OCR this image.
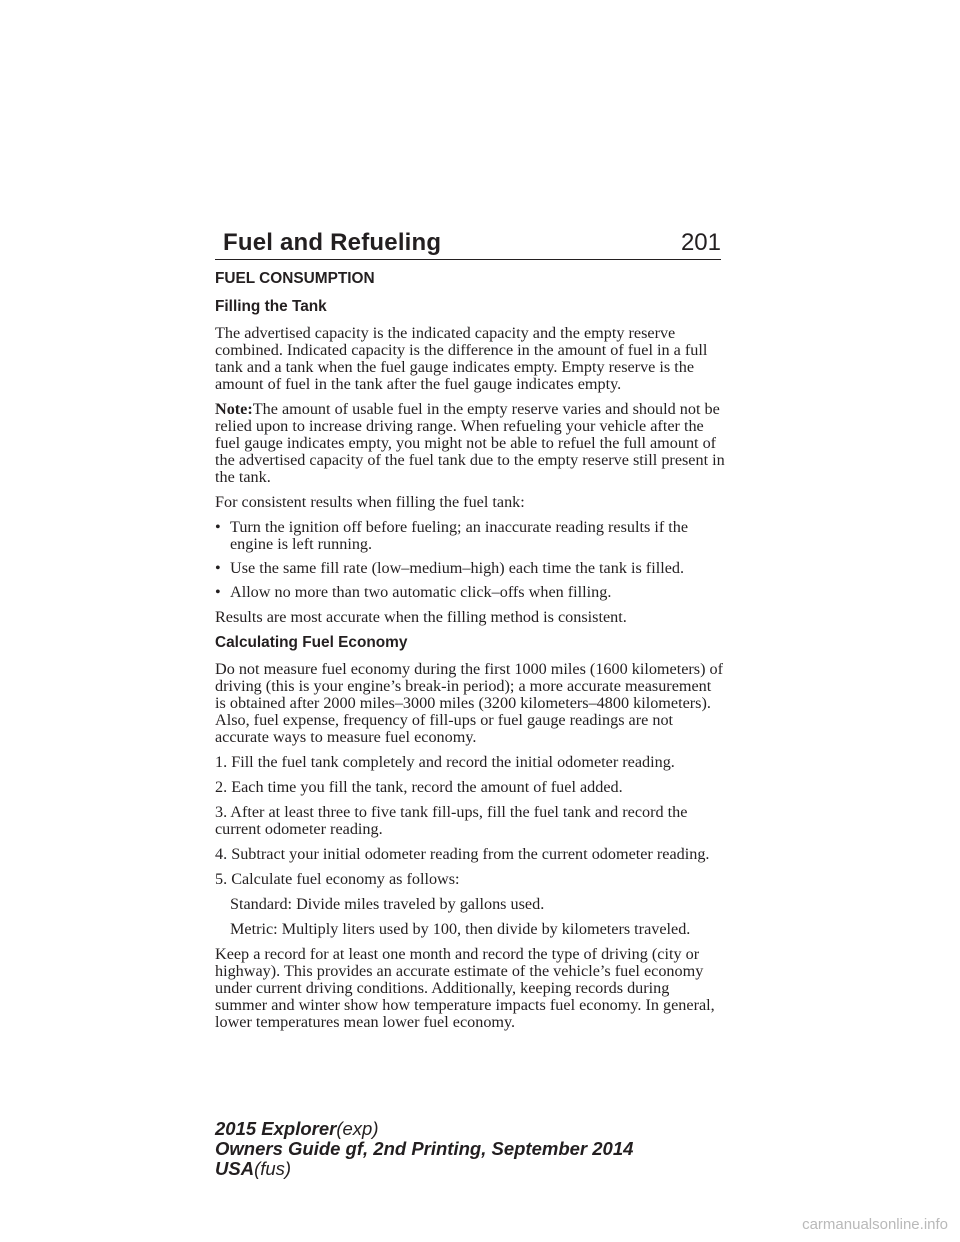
Fuel and Refueling	201
FUEL CONSUMPTION
Filling the Tank

The advertised capacity is the indicated capacity and the empty reserve combined. Indicated capacity is the difference in the amount of fuel in a full tank and a tank when the fuel gauge indicates empty. Empty reserve is the amount of fuel in the tank after the fuel gauge indicates empty.

Note:The amount of usable fuel in the empty reserve varies and should not be relied upon to increase driving range. When refueling your vehicle after the fuel gauge indicates empty, you might not be able to refuel the full amount of the advertised capacity of the fuel tank due to the empty reserve still present in the tank.

For consistent results when filling the fuel tank:

• Turn the ignition off before fueling; an inaccurate reading results if the engine is left running.
• Use the same fill rate (low–medium–high) each time the tank is filled.
• Allow no more than two automatic click–offs when filling.

Results are most accurate when the filling method is consistent.

Calculating Fuel Economy

Do not measure fuel economy during the first 1000 miles (1600 kilometers) of driving (this is your engine’s break-in period); a more accurate measurement is obtained after 2000 miles–3000 miles (3200 kilometers–4800 kilometers). Also, fuel expense, frequency of fill-ups or fuel gauge readings are not accurate ways to measure fuel economy.

1. Fill the fuel tank completely and record the initial odometer reading.

2. Each time you fill the tank, record the amount of fuel added.

3. After at least three to five tank fill-ups, fill the fuel tank and record the current odometer reading.

4. Subtract your initial odometer reading from the current odometer reading.

5. Calculate fuel economy as follows:

Standard: Divide miles traveled by gallons used.

Metric: Multiply liters used by 100, then divide by kilometers traveled.

Keep a record for at least one month and record the type of driving (city or highway). This provides an accurate estimate of the vehicle’s fuel economy under current driving conditions. Additionally, keeping records during summer and winter show how temperature impacts fuel economy. In general, lower temperatures mean lower fuel economy.

2015 Explorer(exp)
Owners Guide gf, 2nd Printing, September 2014
USA(fus)
carmanualsonline.info
